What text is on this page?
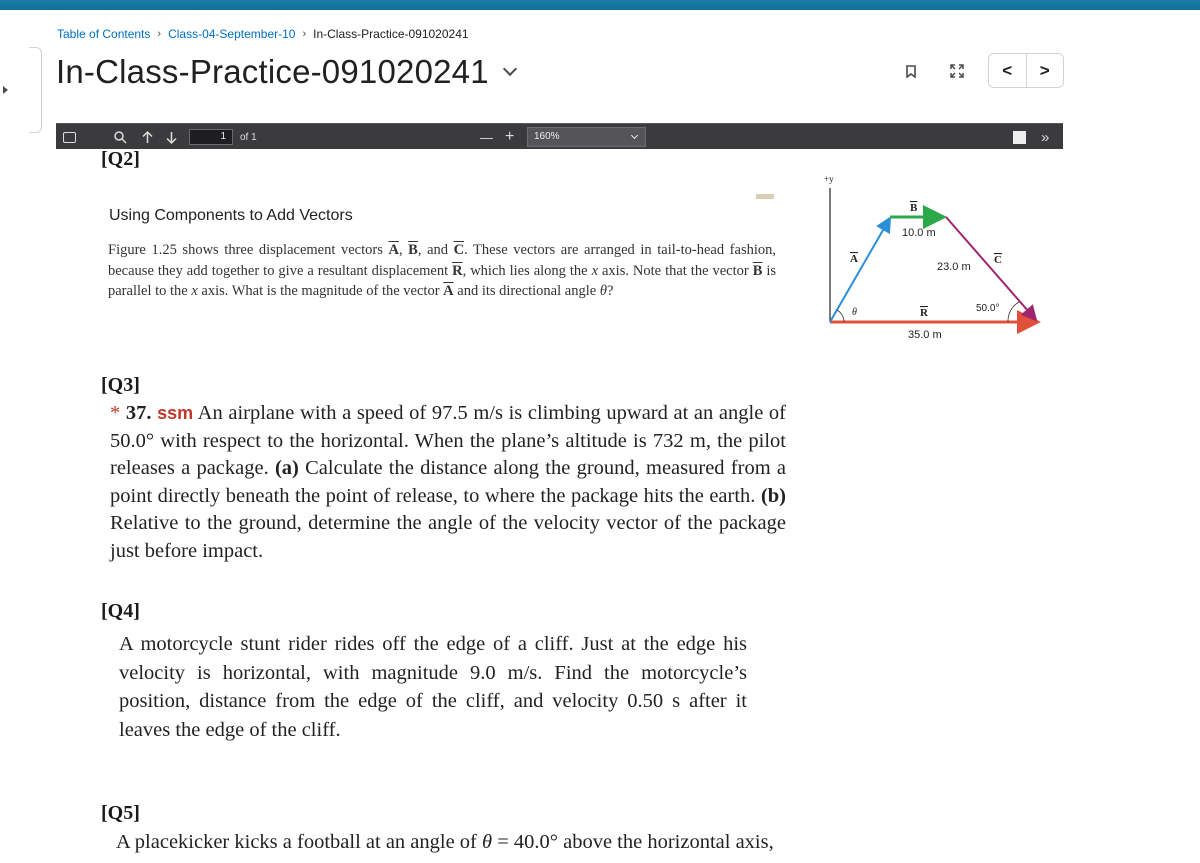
Table of Contents › Class-04-September-10 › In-Class-Practice-091020241
In-Class-Practice-091020241	<	>
1	of 1	— +	160%	»
[Q2]
Using Components to Add Vectors
Figure 1.25 shows three displacement vectors $\overline{A}$, $\overline{B}$, and $\overline{C}$. These vectors are arranged in tail-to-head fashion, because they add together to give a resultant displacement $\overline{R}$, which lies along the x axis. Note that the vector $\overline{B}$ is parallel to the x axis. What is the magnitude of the vector $\overline{A}$ and its directional angle θ?
+y
A
B
C
R
10.0 m
23.0 m
35.0 m
θ	50.0°
[Q3]
* 37. ssm An airplane with a speed of 97.5 m/s is climbing upward at an angle of 50.0° with respect to the horizontal. When the plane’s altitude is 732 m, the pilot releases a package. (a) Calculate the distance along the ground, measured from a point directly beneath the point of release, to where the package hits the earth. (b) Relative to the ground, determine the angle of the velocity vector of the package just before impact.
[Q4]
A motorcycle stunt rider rides off the edge of a cliff. Just at the edge his velocity is horizontal, with magnitude 9.0 m/s. Find the motorcycle’s position, distance from the edge of the cliff, and velocity 0.50 s after it leaves the edge of the cliff.
[Q5]
A placekicker kicks a football at an angle of θ = 40.0° above the horizontal axis,
